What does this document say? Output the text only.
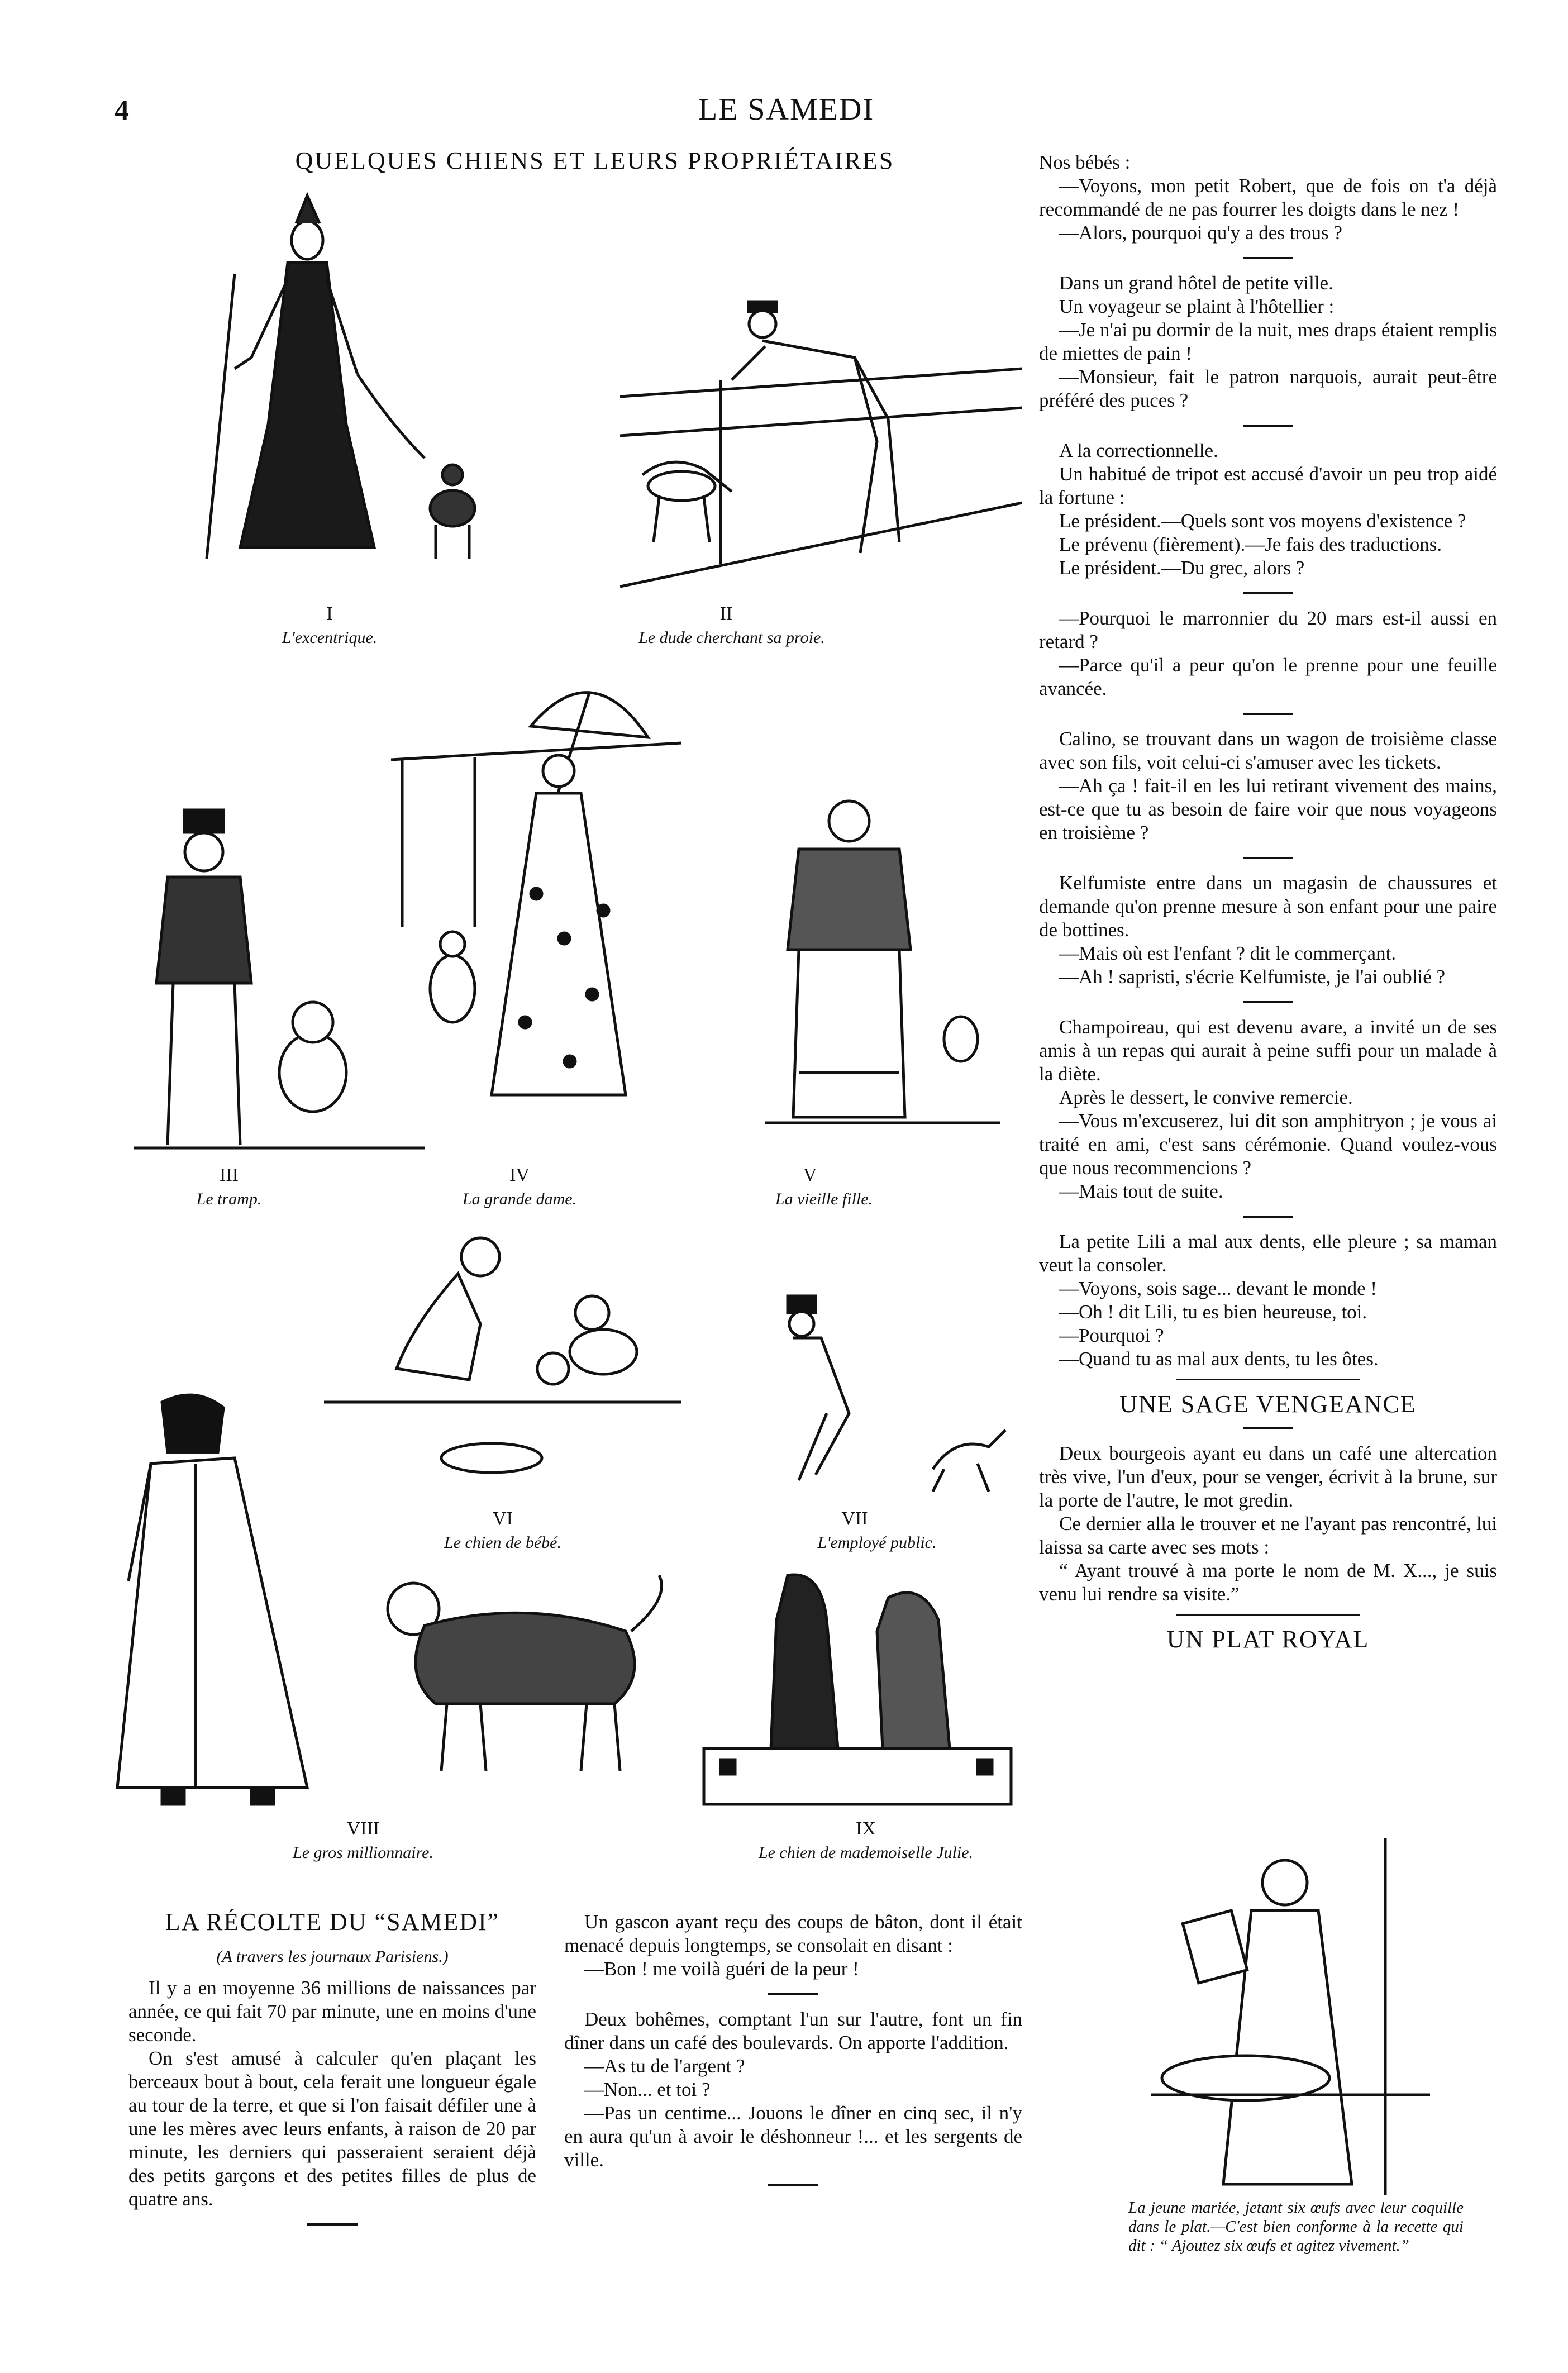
4	LE SAMEDI
QUELQUES CHIENS ET LEURS PROPRIÉTAIRES
I
L'excentrique.
II
Le dude cherchant sa proie.
III
Le tramp.
IV
La grande dame.
V
La vieille fille.
VI
Le chien de bébé.
VII
L'employé public.
VIII
Le gros millionnaire.
IX
Le chien de mademoiselle Julie.

Nos bébés :

—Voyons, mon petit Robert, que de fois on t'a déjà recommandé de ne pas fourrer les doigts dans le nez !

—Alors, pourquoi qu'y a des trous ?

Dans un grand hôtel de petite ville.

Un voyageur se plaint à l'hôtellier :

—Je n'ai pu dormir de la nuit, mes draps étaient remplis de miettes de pain !

—Monsieur, fait le patron narquois, aurait peut-être préféré des puces ?

A la correctionnelle.

Un habitué de tripot est accusé d'avoir un peu trop aidé la fortune :

Le président.—Quels sont vos moyens d'existence ?

Le prévenu (fièrement).—Je fais des traductions.

Le président.—Du grec, alors ?

—Pourquoi le marronnier du 20 mars est-il aussi en retard ?

—Parce qu'il a peur qu'on le prenne pour une feuille avancée.

Calino, se trouvant dans un wagon de troisième classe avec son fils, voit celui-ci s'amuser avec les tickets.

—Ah ça ! fait-il en les lui retirant vivement des mains, est-ce que tu as besoin de faire voir que nous voyageons en troisième ?

Kelfumiste entre dans un magasin de chaussures et demande qu'on prenne mesure à son enfant pour une paire de bottines.

—Mais où est l'enfant ? dit le commerçant.

—Ah ! sapristi, s'écrie Kelfumiste, je l'ai oublié ?

Champoireau, qui est devenu avare, a invité un de ses amis à un repas qui aurait à peine suffi pour un malade à la diète.

Après le dessert, le convive remercie.

—Vous m'excuserez, lui dit son amphitryon ; je vous ai traité en ami, c'est sans cérémonie. Quand voulez-vous que nous recommencions ?

—Mais tout de suite.

La petite Lili a mal aux dents, elle pleure ; sa maman veut la consoler.

—Voyons, sois sage... devant le monde !

—Oh ! dit Lili, tu es bien heureuse, toi.

—Pourquoi ?

—Quand tu as mal aux dents, tu les ôtes.

UNE SAGE VENGEANCE

Deux bourgeois ayant eu dans un café une altercation très vive, l'un d'eux, pour se venger, écrivit à la brune, sur la porte de l'autre, le mot gredin.

Ce dernier alla le trouver et ne l'ayant pas rencontré, lui laissa sa carte avec ses mots :

“ Ayant trouvé à ma porte le nom de M. X..., je suis venu lui rendre sa visite.”

UN PLAT ROYAL
La jeune mariée, jetant six œufs avec leur coquille dans le plat.—C'est bien conforme à la recette qui dit : “ Ajoutez six œufs et agitez vivement.”
LA RÉCOLTE DU “SAMEDI”
(A travers les journaux Parisiens.)

Il y a en moyenne 36 millions de naissances par année, ce qui fait 70 par minute, une en moins d'une seconde.

On s'est amusé à calculer qu'en plaçant les berceaux bout à bout, cela ferait une longueur égale au tour de la terre, et que si l'on faisait défiler une à une les mères avec leurs enfants, à raison de 20 par minute, les derniers qui passeraient seraient déjà des petits garçons et des petites filles de plus de quatre ans.

Un gascon ayant reçu des coups de bâton, dont il était menacé depuis longtemps, se consolait en disant :

—Bon ! me voilà guéri de la peur !

Deux bohêmes, comptant l'un sur l'autre, font un fin dîner dans un café des boulevards. On apporte l'addition.

—As tu de l'argent ?

—Non... et toi ?

—Pas un centime... Jouons le dîner en cinq sec, il n'y en aura qu'un à avoir le déshonneur !... et les sergents de ville.
